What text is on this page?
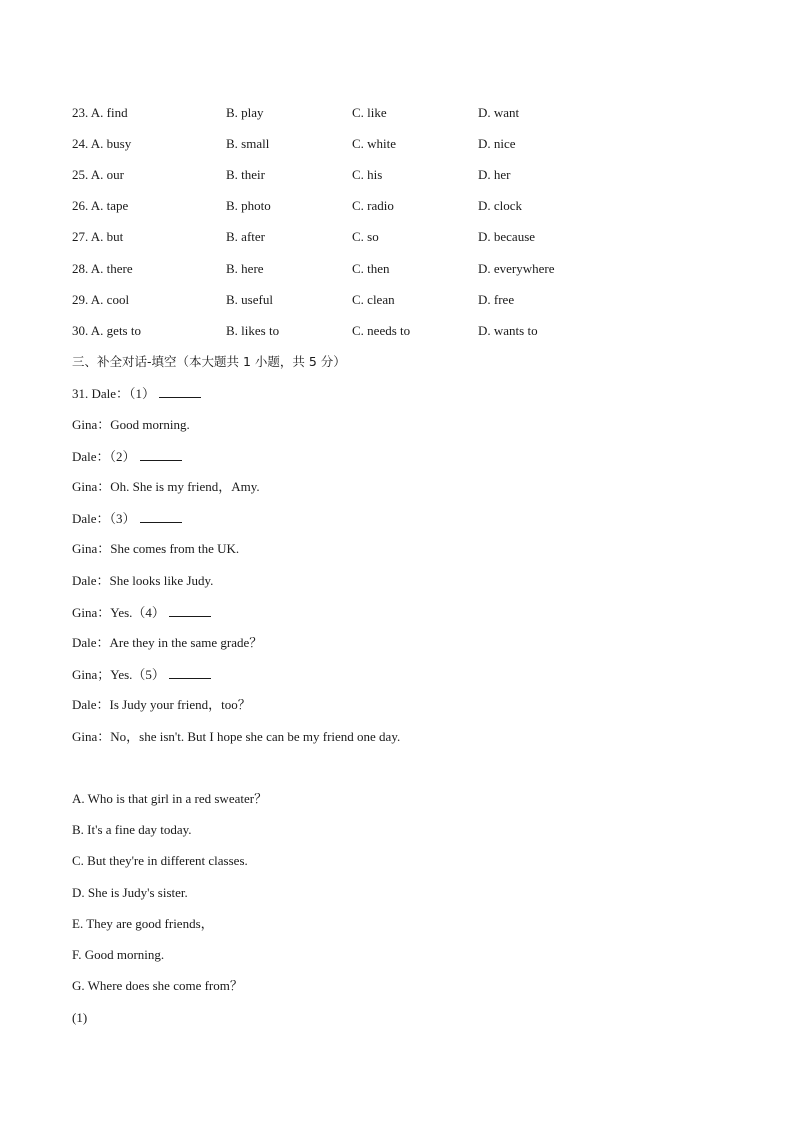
23. A. find	B. play	C. like	D. want
24. A. busy	B. small	C. white	D. nice
25. A. our	B. their	C. his	D. her
26. A. tape	B. photo	C. radio	D. clock
27. A. but	B. after	C. so	D. because
28. A. there	B. here	C. then	D. everywhere
29. A. cool	B. useful	C. clean	D. free
30. A. gets to	B. likes to	C. needs to	D. wants to
三、补全对话-填空（本大题共 1 小题，共 5 分）
31. Dale：（1）
Gina：Good morning.
Dale：（2）
Gina：Oh. She is my friend，Amy.
Dale：（3）
Gina：She comes from the UK.
Dale：She looks like Judy.
Gina：Yes.（4）
Dale：Are they in the same grade？
Gina；Yes.（5）
Dale：Is Judy your friend，too？
Gina：No，she isn't. But I hope she can be my friend one day.
A. Who is that girl in a red sweater？
B. It's a fine day today.
C. But they're in different classes.
D. She is Judy's sister.
E. They are good friends，
F. Good morning.
G. Where does she come from？
(1)
